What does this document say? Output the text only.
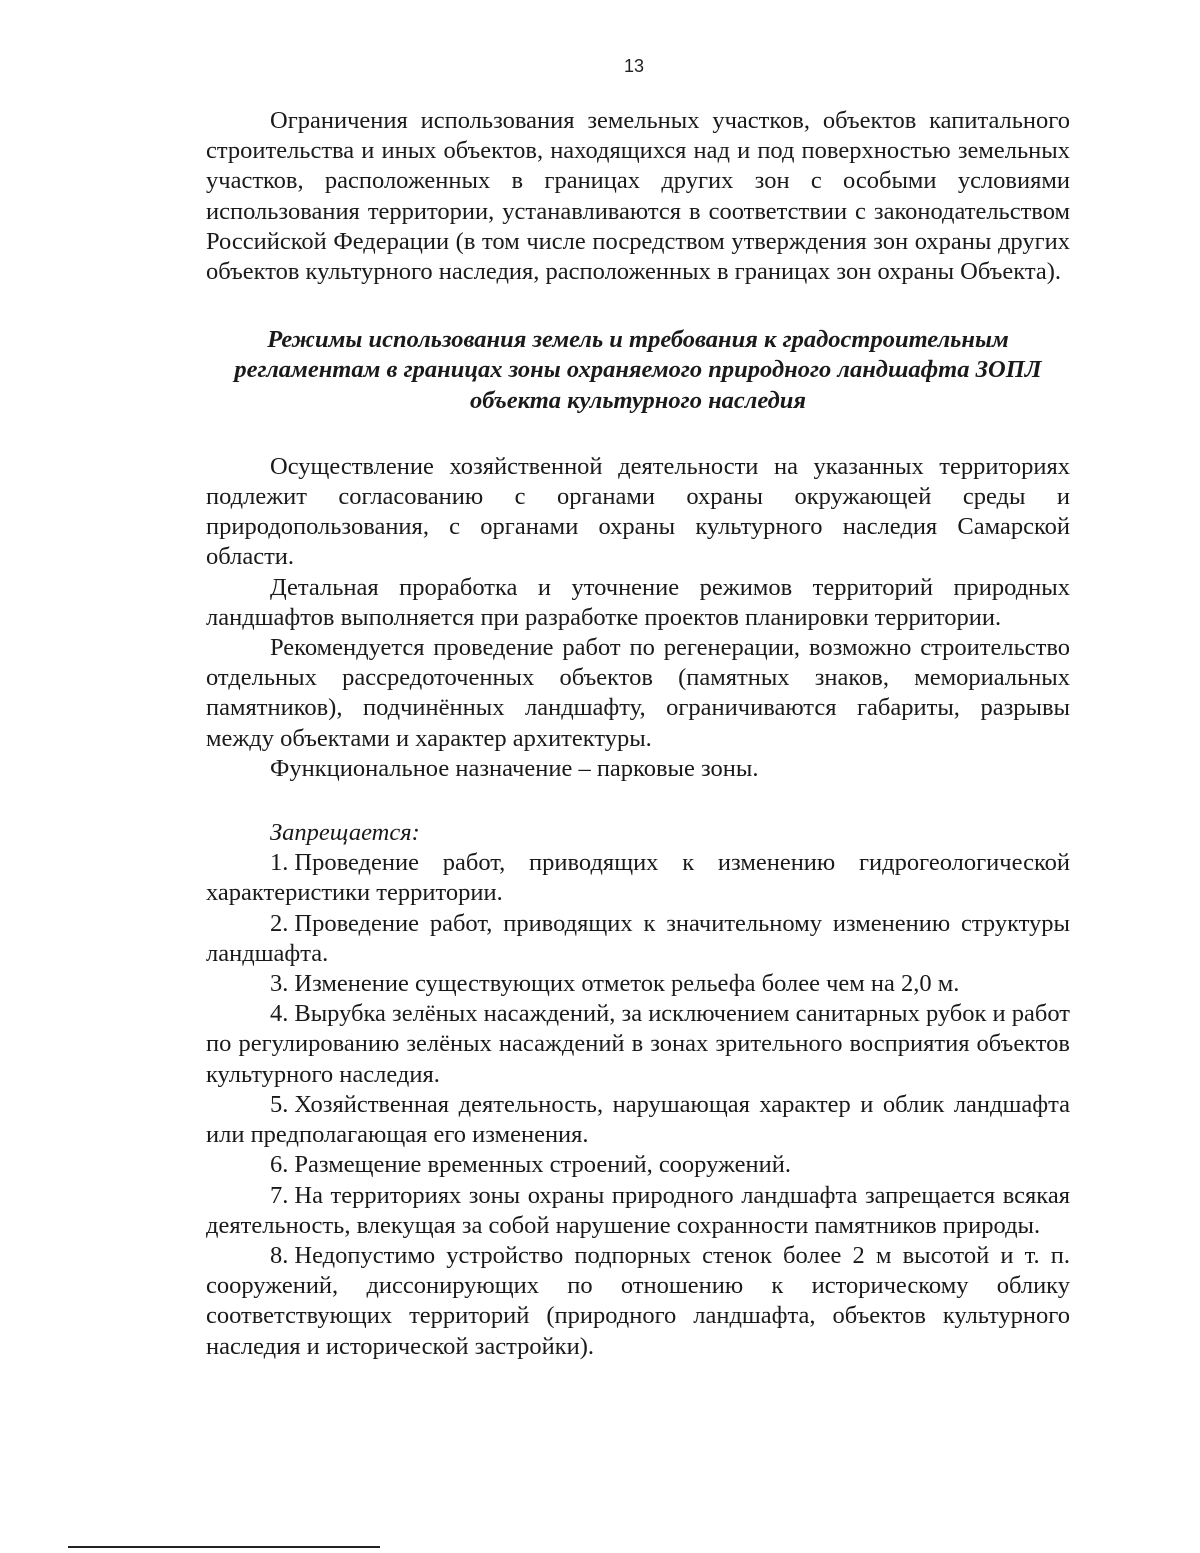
13

Ограничения использования земельных участков, объектов капитального строительства и иных объектов, находящихся над и под поверхностью земельных участков, расположенных в границах других зон с особыми условиями использования территории, устанавливаются в соответствии с законодательством Российской Федерации (в том числе посредством утверждения зон охраны других объектов культурного наследия, расположенных в границах зон охраны Объекта).

Режимы использования земель и требования к градостроительным
регламентам в границах зоны охраняемого природного ландшафта ЗОПЛ
объекта культурного наследия

Осуществление хозяйственной деятельности на указанных территориях подлежит согласованию с органами охраны окружающей среды и природопользования, с органами охраны культурного наследия Самарской области.

Детальная проработка и уточнение режимов территорий природных ландшафтов выполняется при разработке проектов планировки территории.

Рекомендуется проведение работ по регенерации, возможно строительство отдельных рассредоточенных объектов (памятных знаков, мемориальных памятников), подчинённых ландшафту, ограничиваются габариты, разрывы между объектами и характер архитектуры.

Функциональное назначение – парковые зоны.

Запрещается:

1. Проведение работ, приводящих к изменению гидрогеологической характеристики территории.
2. Проведение работ, приводящих к значительному изменению структуры ландшафта.
3. Изменение существующих отметок рельефа более чем на 2,0 м.
4. Вырубка зелёных насаждений, за исключением санитарных рубок и работ по регулированию зелёных насаждений в зонах зрительного восприятия объектов культурного наследия.
5. Хозяйственная деятельность, нарушающая характер и облик ландшафта или предполагающая его изменения.
6. Размещение временных строений, сооружений.
7. На территориях зоны охраны природного ландшафта запрещается всякая деятельность, влекущая за собой нарушение сохранности памятников природы.
8. Недопустимо устройство подпорных стенок более 2 м высотой и т. п. сооружений, диссонирующих по отношению к историческому облику соответствующих территорий (природного ландшафта, объектов культурного наследия и исторической застройки).
